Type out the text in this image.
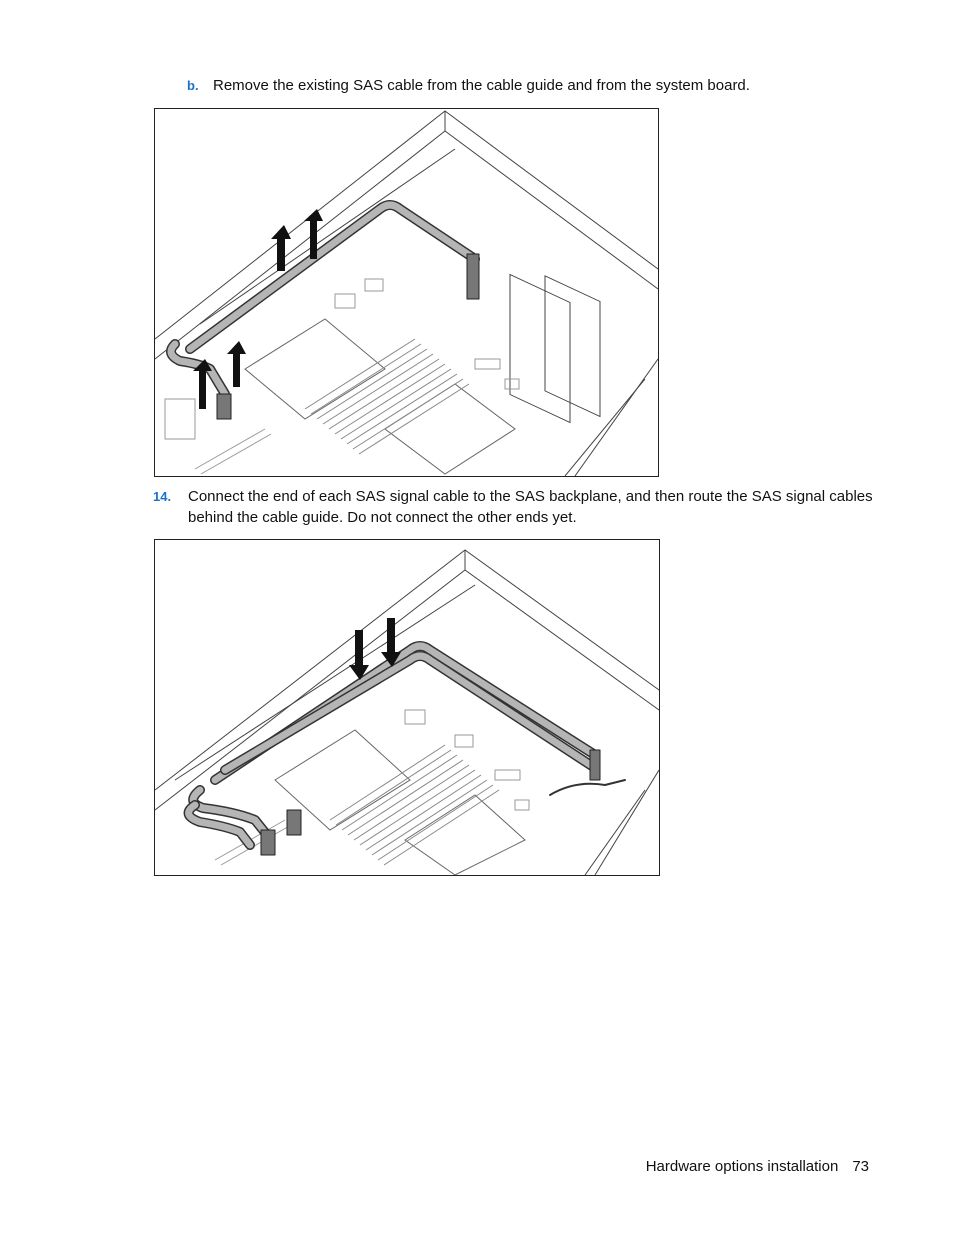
b. Remove the existing SAS cable from the cable guide and from the system board.
14. Connect the end of each SAS signal cable to the SAS backplane, and then route the SAS signal cables behind the cable guide. Do not connect the other ends yet.
Hardware options installation 73
